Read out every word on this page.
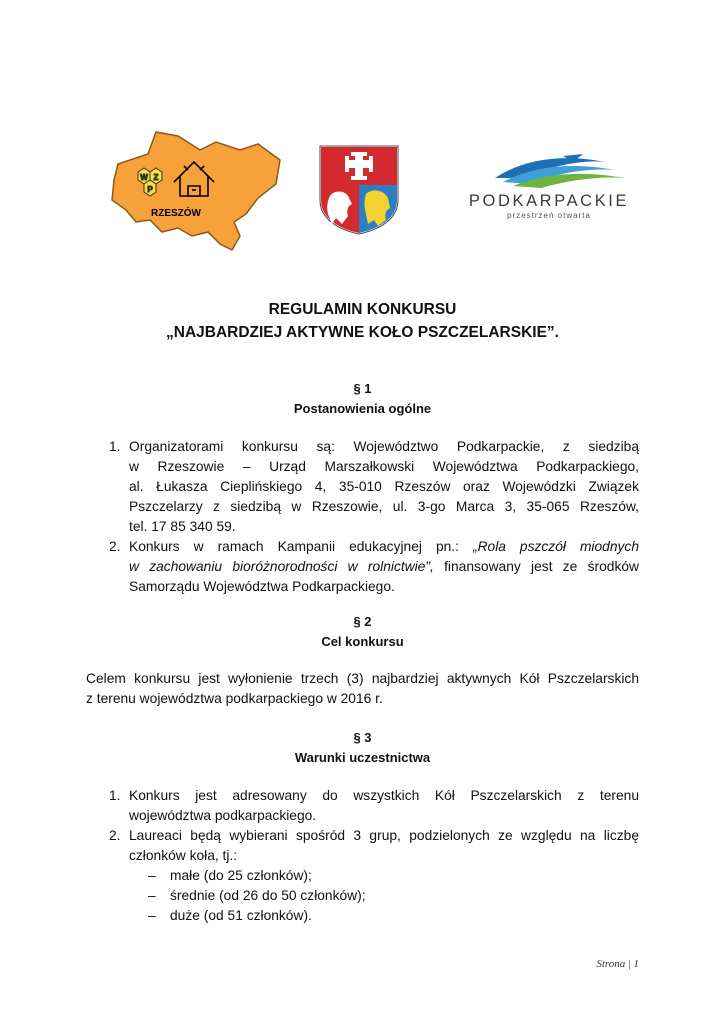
W Z
P
RZESZÓW
PODKARPACKIE
przestrzeń otwarta
REGULAMIN KONKURSU
„NAJBARDZIEJ AKTYWNE KOŁO PSZCZELARSKIE”.
§ 1
Postanowienia ogólne
1. Organizatorami konkursu są: Województwo Podkarpackie, z siedzibą
w Rzeszowie – Urząd Marszałkowski Województwa Podkarpackiego,
al. Łukasza Cieplińskiego 4, 35-010 Rzeszów oraz Wojewódzki Związek
Pszczelarzy z siedzibą w Rzeszowie, ul. 3-go Marca 3, 35-065 Rzeszów,
tel. 17 85 340 59.
2. Konkurs w ramach Kampanii edukacyjnej pn.: „Rola pszczół miodnych
w zachowaniu bioróżnorodności w rolnictwie”, finansowany jest ze środków
Samorządu Województwa Podkarpackiego.
§ 2
Cel konkursu
Celem konkursu jest wyłonienie trzech (3) najbardziej aktywnych Kół Pszczelarskich
z terenu województwa podkarpackiego w 2016 r.
§ 3
Warunki uczestnictwa
1. Konkurs jest adresowany do wszystkich Kół Pszczelarskich z terenu
województwa podkarpackiego.
2. Laureaci będą wybierani spośród 3 grup, podzielonych ze względu na liczbę
członków koła, tj.:
– małe (do 25 członków);
– średnie (od 26 do 50 członków);
– duże (od 51 członków).
Strona | 1
